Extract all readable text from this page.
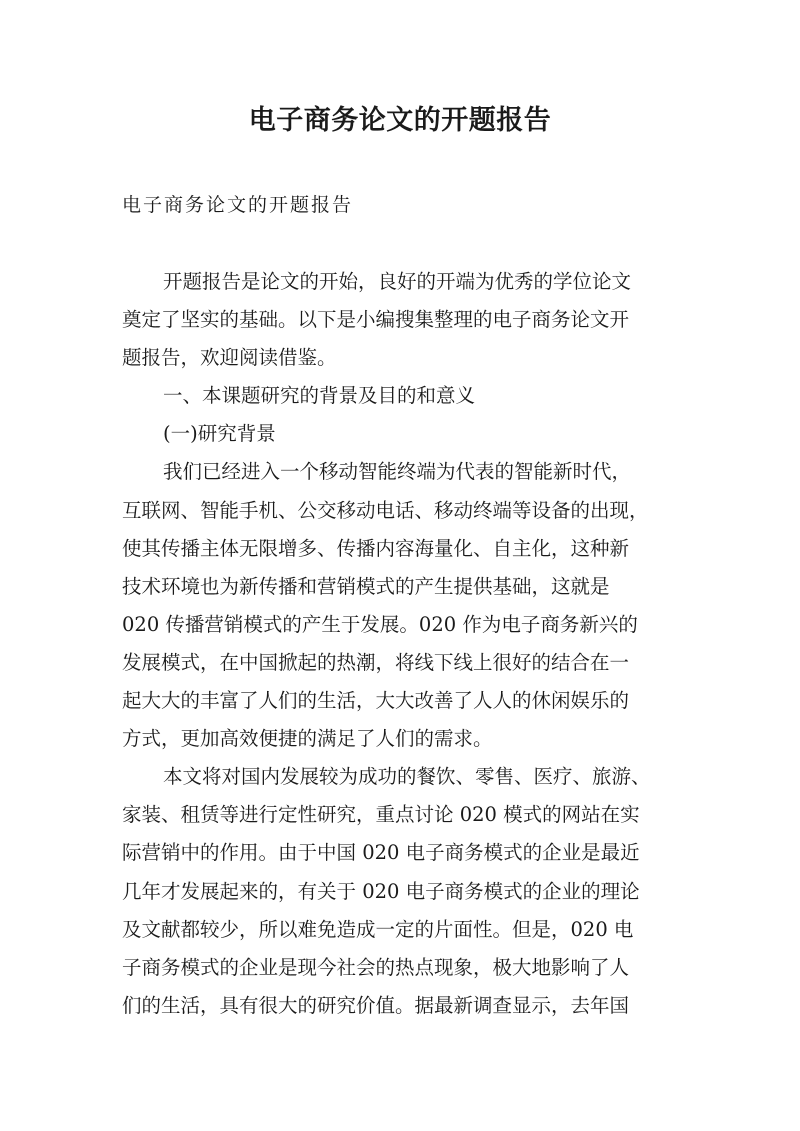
电子商务论文的开题报告

电子商务论文的开题报告

开题报告是论文的开始，良好的开端为优秀的学位论文
奠定了坚实的基础。以下是小编搜集整理的电子商务论文开
题报告，欢迎阅读借鉴。
一、本课题研究的背景及目的和意义
(一)研究背景
我们已经进入一个移动智能终端为代表的智能新时代，
互联网、智能手机、公交移动电话、移动终端等设备的出现，
使其传播主体无限增多、传播内容海量化、自主化，这种新
技术环境也为新传播和营销模式的产生提供基础，这就是
020 传播营销模式的产生于发展。020 作为电子商务新兴的
发展模式，在中国掀起的热潮，将线下线上很好的结合在一
起大大的丰富了人们的生活，大大改善了人人的休闲娱乐的
方式，更加高效便捷的满足了人们的需求。
本文将对国内发展较为成功的餐饮、零售、医疗、旅游、
家装、租赁等进行定性研究，重点讨论 020 模式的网站在实
际营销中的作用。由于中国 020 电子商务模式的企业是最近
几年才发展起来的，有关于 020 电子商务模式的企业的理论
及文献都较少，所以难免造成一定的片面性。但是，020 电
子商务模式的企业是现今社会的热点现象，极大地影响了人
们的生活，具有很大的研究价值。据最新调查显示，去年国
